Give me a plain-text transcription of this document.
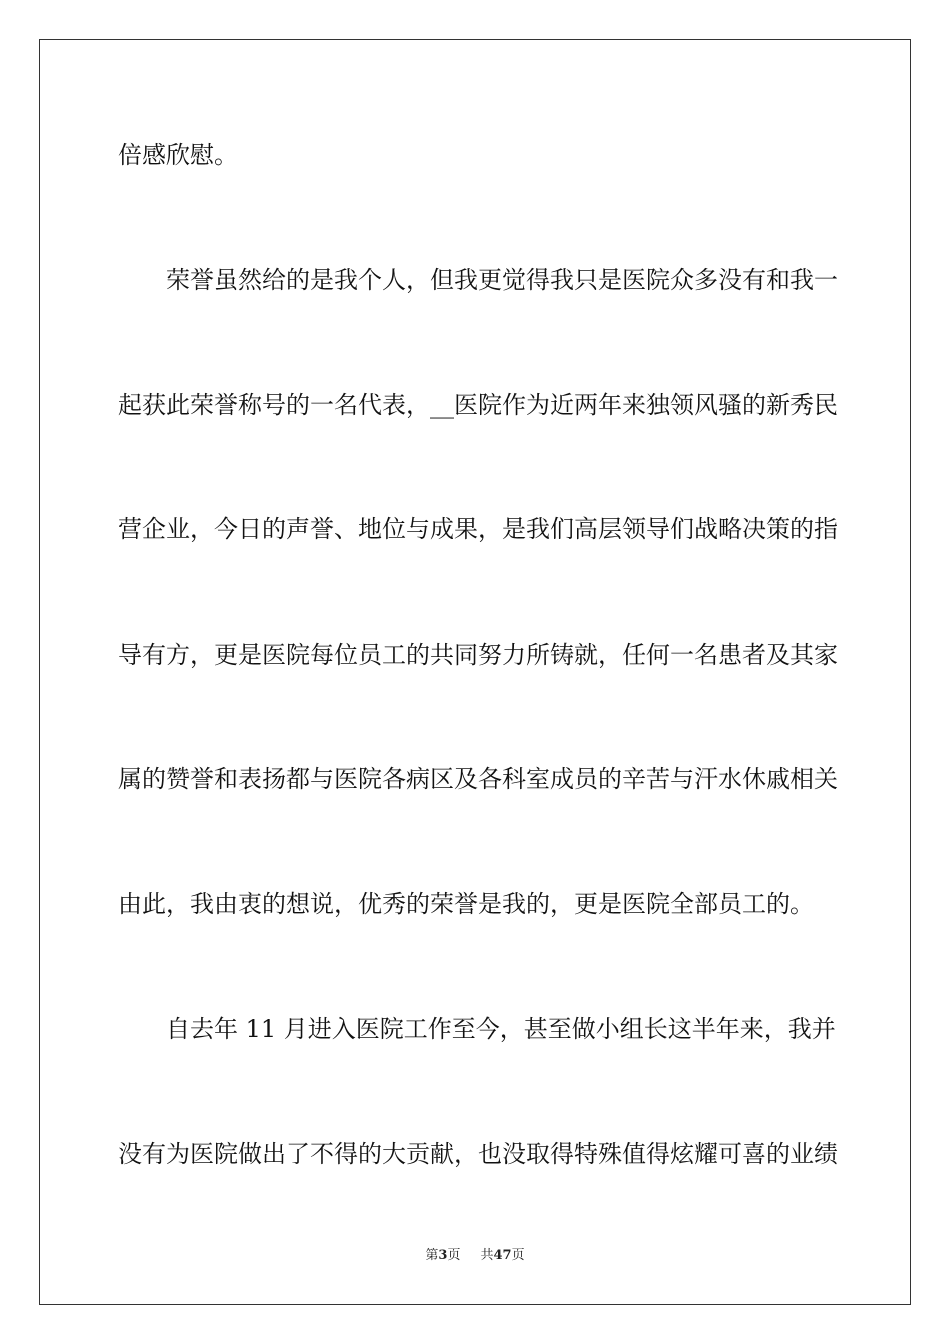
倍感欣慰。
荣誉虽然给的是我个人，但我更觉得我只是医院众多没有和我一
起获此荣誉称号的一名代表，__医院作为近两年来独领风骚的新秀民
营企业，今日的声誉、地位与成果，是我们高层领导们战略决策的指
导有方，更是医院每位员工的共同努力所铸就，任何一名患者及其家
属的赞誉和表扬都与医院各病区及各科室成员的辛苦与汗水休戚相关
由此，我由衷的想说，优秀的荣誉是我的，更是医院全部员工的。
自去年 11 月进入医院工作至今，甚至做小组长这半年来，我并
没有为医院做出了不得的大贡献，也没取得特殊值得炫耀可喜的业绩
第3页 共47页
